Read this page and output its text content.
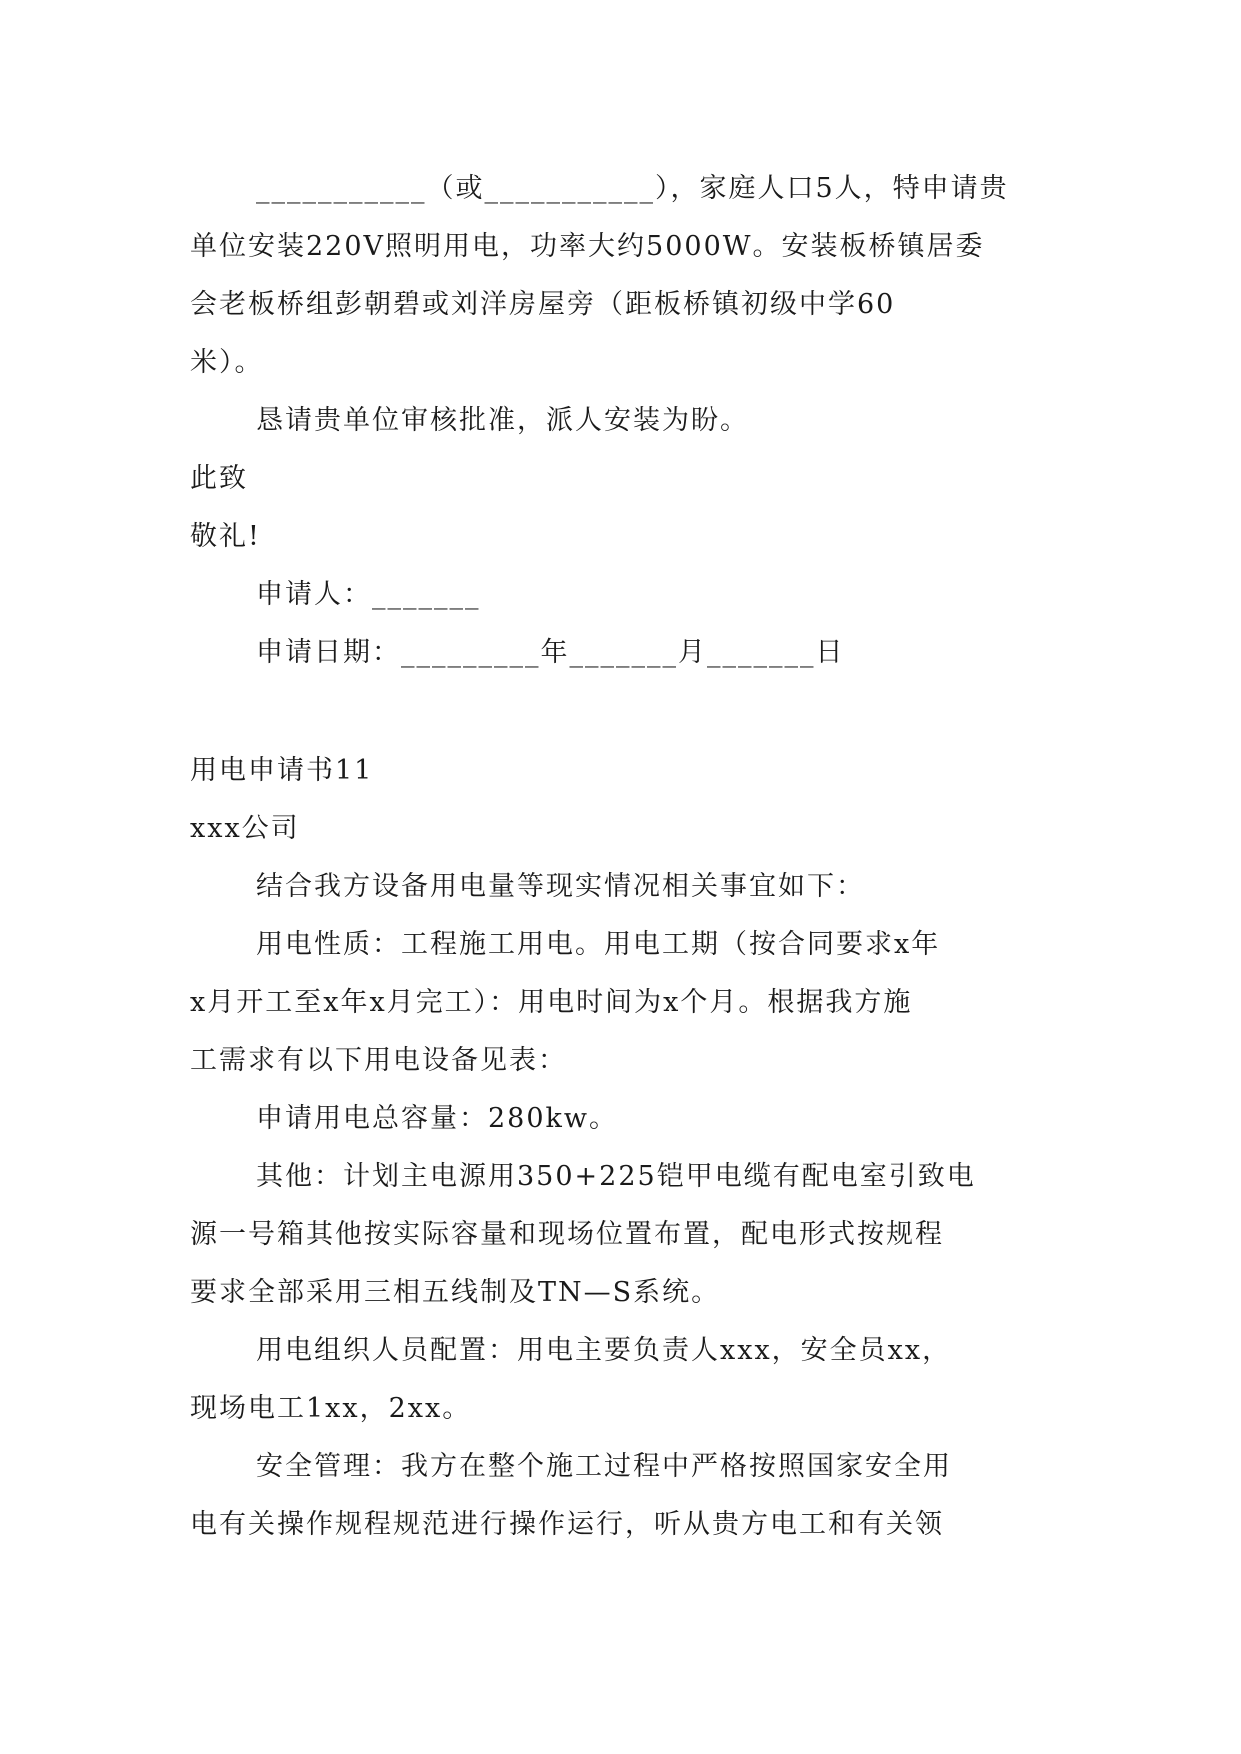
___________（或___________），家庭人口5人，特申请贵
单位安装220V照明用电，功率大约5000W。安装板桥镇居委
会老板桥组彭朝碧或刘洋房屋旁（距板桥镇初级中学60
米）。
恳请贵单位审核批准，派人安装为盼。
此致
敬礼!
申请人：_______
申请日期：_________年_______月_______日
用电申请书11
xxx公司
结合我方设备用电量等现实情况相关事宜如下：
用电性质：工程施工用电。用电工期（按合同要求x年
x月开工至x年x月完工）：用电时间为x个月。根据我方施
工需求有以下用电设备见表：
申请用电总容量：280kw。
其他：计划主电源用350+225铠甲电缆有配电室引致电
源一号箱其他按实际容量和现场位置布置，配电形式按规程
要求全部采用三相五线制及TN—S系统。
用电组织人员配置：用电主要负责人xxx，安全员xx，
现场电工1xx，2xx。
安全管理：我方在整个施工过程中严格按照国家安全用
电有关操作规程规范进行操作运行，听从贵方电工和有关领
